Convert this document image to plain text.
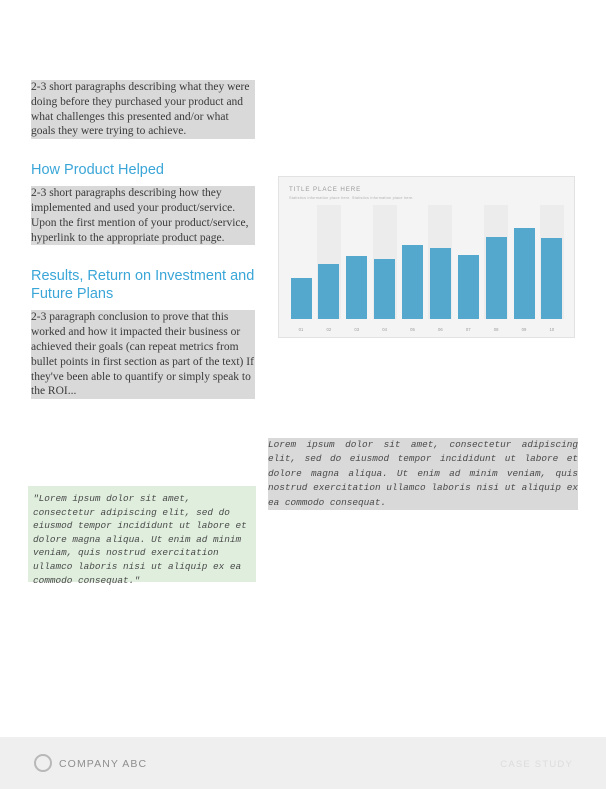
2-3 short paragraphs describing what they were doing before they purchased your product and what challenges this presented and/or what goals they were trying to achieve.

How Product Helped

2-3 short paragraphs describing how they implemented and used your product/service. Upon the first mention of your product/service, hyperlink to the appropriate product page.

Results, Return on Investment and Future Plans

2-3 paragraph conclusion to prove that this worked and how it impacted their business or achieved their goals (can repeat metrics from bullet points in first section as part of the text) If they've been able to quantify or simply speak to the ROI...

"Lorem ipsum dolor sit amet, consectetur adipiscing elit, sed do eiusmod tempor incididunt ut labore et dolore magna aliqua. Ut enim ad minim veniam, quis nostrud exercitation ullamco laboris nisi ut aliquip ex ea commodo consequat."

TITLE PLACE HERE
Statistics information place here. Statistics information place here.
01	02	03	04	05	06	07	08	09	10

Lorem ipsum dolor sit amet, consectetur adipiscing elit, sed do eiusmod tempor incididunt ut labore et dolore magna aliqua. Ut enim ad minim veniam, quis nostrud exercitation ullamco laboris nisi ut aliquip ex ea commodo consequat.

COMPANY ABC	CASE STUDY
